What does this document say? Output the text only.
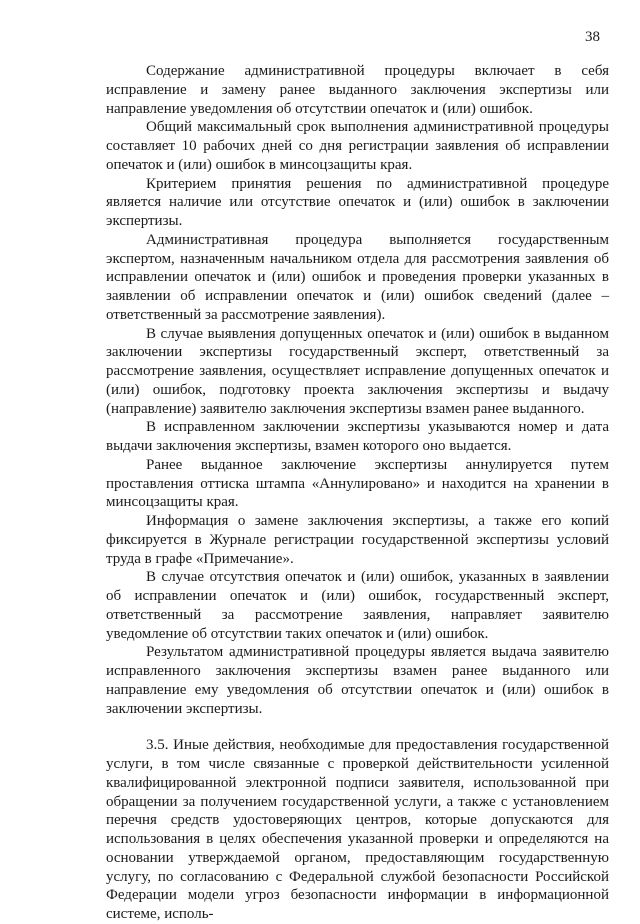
38

Содержание административной процедуры включает в себя исправление и замену ранее выданного заключения экспертизы или направление уведомления об отсутствии опечаток и (или) ошибок.

Общий максимальный срок выполнения административной процедуры составляет 10 рабочих дней со дня регистрации заявления об исправлении опечаток и (или) ошибок в минсоцзащиты края.

Критерием принятия решения по административной процедуре является наличие или отсутствие опечаток и (или) ошибок в заключении экспертизы.

Административная процедура выполняется государственным экспертом, назначенным начальником отдела для рассмотрения заявления об исправлении опечаток и (или) ошибок и проведения проверки указанных в заявлении об исправлении опечаток и (или) ошибок сведений (далее – ответственный за рассмотрение заявления).

В случае выявления допущенных опечаток и (или) ошибок в выданном заключении экспертизы государственный эксперт, ответственный за рассмотрение заявления, осуществляет исправление допущенных опечаток и (или) ошибок, подготовку проекта заключения экспертизы и выдачу (направление) заявителю заключения экспертизы взамен ранее выданного.

В исправленном заключении экспертизы указываются номер и дата выдачи заключения экспертизы, взамен которого оно выдается.

Ранее выданное заключение экспертизы аннулируется путем проставления оттиска штампа «Аннулировано» и находится на хранении в минсоцзащиты края.

Информация о замене заключения экспертизы, а также его копий фиксируется в Журнале регистрации государственной экспертизы условий труда в графе «Примечание».

В случае отсутствия опечаток и (или) ошибок, указанных в заявлении об исправлении опечаток и (или) ошибок, государственный эксперт, ответственный за рассмотрение заявления, направляет заявителю уведомление об отсутствии таких опечаток и (или) ошибок.

Результатом административной процедуры является выдача заявителю исправленного заключения экспертизы взамен ранее выданного или направление ему уведомления об отсутствии опечаток и (или) ошибок в заключении экспертизы.

3.5. Иные действия, необходимые для предоставления государственной услуги, в том числе связанные с проверкой действительности усиленной квалифицированной электронной подписи заявителя, использованной при обращении за получением государственной услуги, а также с установлением перечня средств удостоверяющих центров, которые допускаются для использования в целях обеспечения указанной проверки и определяются на основании утверждаемой органом, предоставляющим государственную услугу, по согласованию с Федеральной службой безопасности Российской Федерации модели угроз безопасности информации в информационной системе, исполь-
